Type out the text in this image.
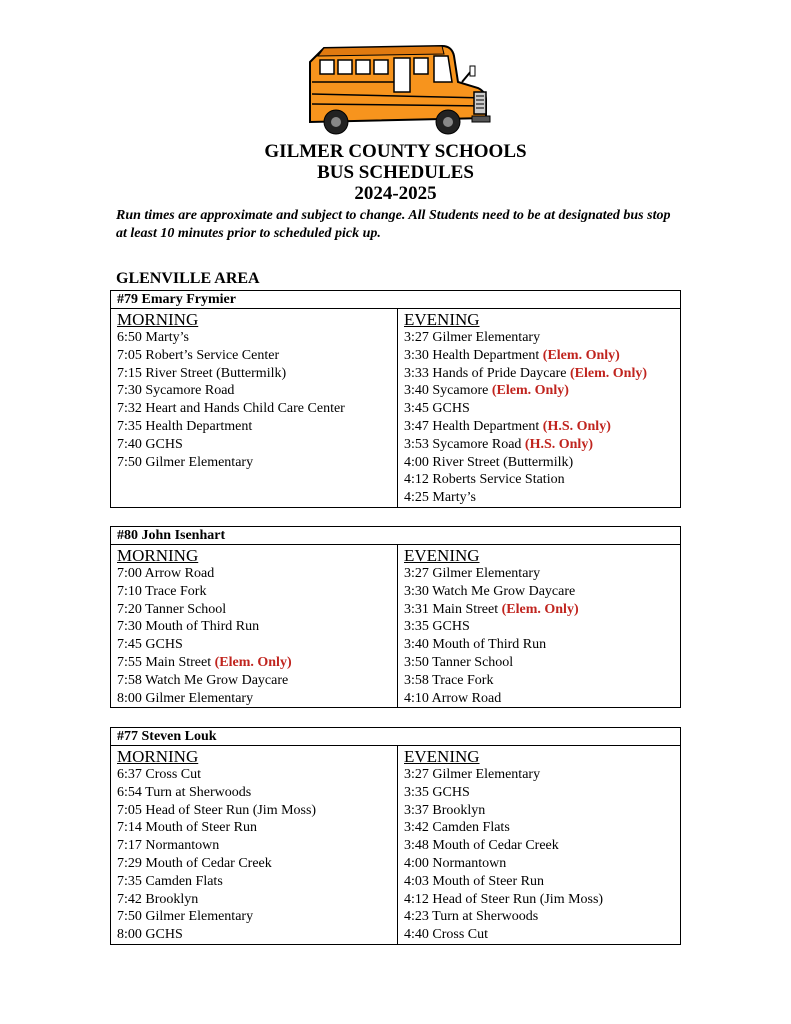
GILMER COUNTY SCHOOLS
BUS SCHEDULES
2024-2025
Run times are approximate and subject to change. All Students need to be at designated bus stop at least 10 minutes prior to scheduled pick up.
GLENVILLE AREA
#79 Emary Frymier
MORNING
6:50 Marty’s
7:05 Robert’s Service Center
7:15 River Street (Buttermilk)
7:30 Sycamore Road
7:32 Heart and Hands Child Care Center
7:35 Health Department
7:40 GCHS
7:50 Gilmer Elementary
EVENING
3:27 Gilmer Elementary
3:30 Health Department (Elem. Only)
3:33 Hands of Pride Daycare (Elem. Only)
3:40 Sycamore (Elem. Only)
3:45 GCHS
3:47 Health Department (H.S. Only)
3:53 Sycamore Road (H.S. Only)
4:00 River Street (Buttermilk)
4:12 Roberts Service Station
4:25 Marty’s
#80 John Isenhart
MORNING
7:00 Arrow Road
7:10 Trace Fork
7:20 Tanner School
7:30 Mouth of Third Run
7:45 GCHS
7:55 Main Street (Elem. Only)
7:58 Watch Me Grow Daycare
8:00 Gilmer Elementary
EVENING
3:27 Gilmer Elementary
3:30 Watch Me Grow Daycare
3:31 Main Street (Elem. Only)
3:35 GCHS
3:40 Mouth of Third Run
3:50 Tanner School
3:58 Trace Fork
4:10 Arrow Road
#77 Steven Louk
MORNING
6:37 Cross Cut
6:54 Turn at Sherwoods
7:05 Head of Steer Run (Jim Moss)
7:14 Mouth of Steer Run
7:17 Normantown
7:29 Mouth of Cedar Creek
7:35 Camden Flats
7:42 Brooklyn
7:50 Gilmer Elementary
8:00 GCHS
EVENING
3:27 Gilmer Elementary
3:35 GCHS
3:37 Brooklyn
3:42 Camden Flats
3:48 Mouth of Cedar Creek
4:00 Normantown
4:03 Mouth of Steer Run
4:12 Head of Steer Run (Jim Moss)
4:23 Turn at Sherwoods
4:40 Cross Cut
